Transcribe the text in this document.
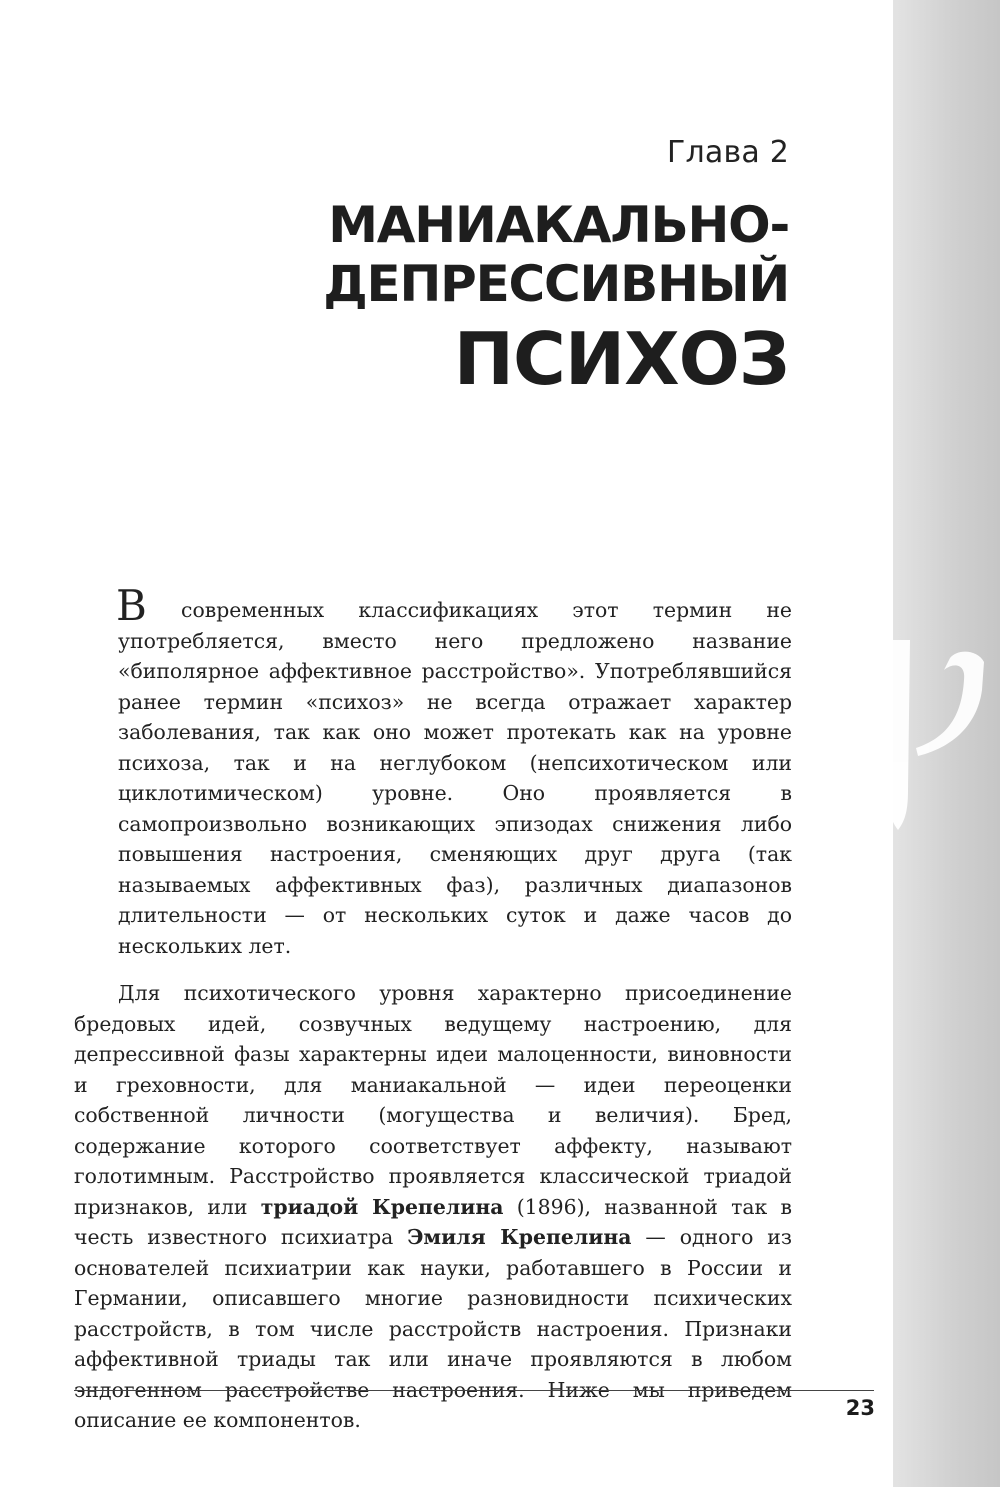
Глава 2
МАНИАКАЛЬНО-
ДЕПРЕССИВНЫЙ
ПСИХОЗ

В современных классификациях этот термин не употребляется, вместо него предложено название «биполярное аффективное расстройство». Употреблявшийся ранее термин «психоз» не всегда отражает характер заболевания, так как оно может протекать как на уровне психоза, так и на неглубоком (непсихотическом или циклотимическом) уровне. Оно проявляется в самопроизвольно возникающих эпизодах снижения либо повышения настроения, сменяющих друг друга (так называемых аффективных фаз), различных диапазонов длительности — от нескольких суток и даже часов до нескольких лет.

Для психотического уровня характерно присоединение бредовых идей, созвучных ведущему настроению, для депрессивной фазы характерны идеи малоценности, виновности и греховности, для маниакальной — идеи переоценки собственной личности (могущества и величия). Бред, содержание которого соответствует аффекту, называют голотимным. Расстройство проявляется классической триадой признаков, или триадой Крепелина (1896), названной так в честь известного психиатра Эмиля Крепелина — одного из основателей психиатрии как науки, работавшего в России и Германии, описавшего многие разновидности психических расстройств, в том числе расстройств настроения. Признаки аффективной триады так или иначе проявляются в любом эндогенном расстройстве настроения. Ниже мы приведем описание ее компонентов.	23
